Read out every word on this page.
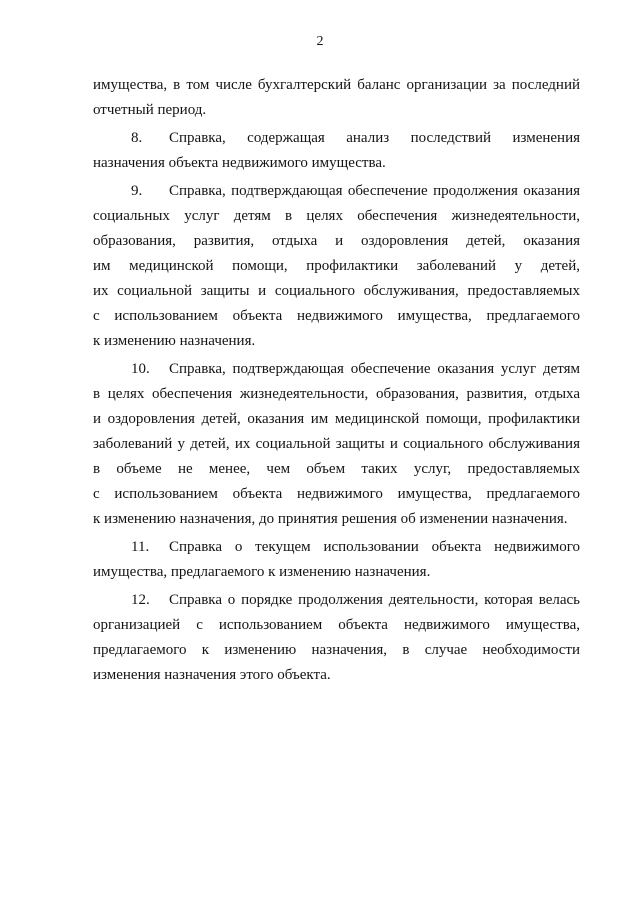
2
имущества, в том числе бухгалтерский баланс организации за последний
отчетный период.
8. Справка, содержащая анализ последствий изменения
назначения объекта недвижимого имущества.
9. Справка, подтверждающая обеспечение продолжения оказания
социальных услуг детям в целях обеспечения жизнедеятельности,
образования, развития, отдыха и оздоровления детей, оказания
им медицинской помощи, профилактики заболеваний у детей,
их социальной защиты и социального обслуживания, предоставляемых
с использованием объекта недвижимого имущества, предлагаемого
к изменению назначения.
10. Справка, подтверждающая обеспечение оказания услуг детям
в целях обеспечения жизнедеятельности, образования, развития, отдыха
и оздоровления детей, оказания им медицинской помощи, профилактики
заболеваний у детей, их социальной защиты и социального обслуживания
в объеме не менее, чем объем таких услуг, предоставляемых
с использованием объекта недвижимого имущества, предлагаемого
к изменению назначения, до принятия решения об изменении назначения.
11. Справка о текущем использовании объекта недвижимого
имущества, предлагаемого к изменению назначения.
12. Справка о порядке продолжения деятельности, которая велась
организацией с использованием объекта недвижимого имущества,
предлагаемого к изменению назначения, в случае необходимости
изменения назначения этого объекта.
